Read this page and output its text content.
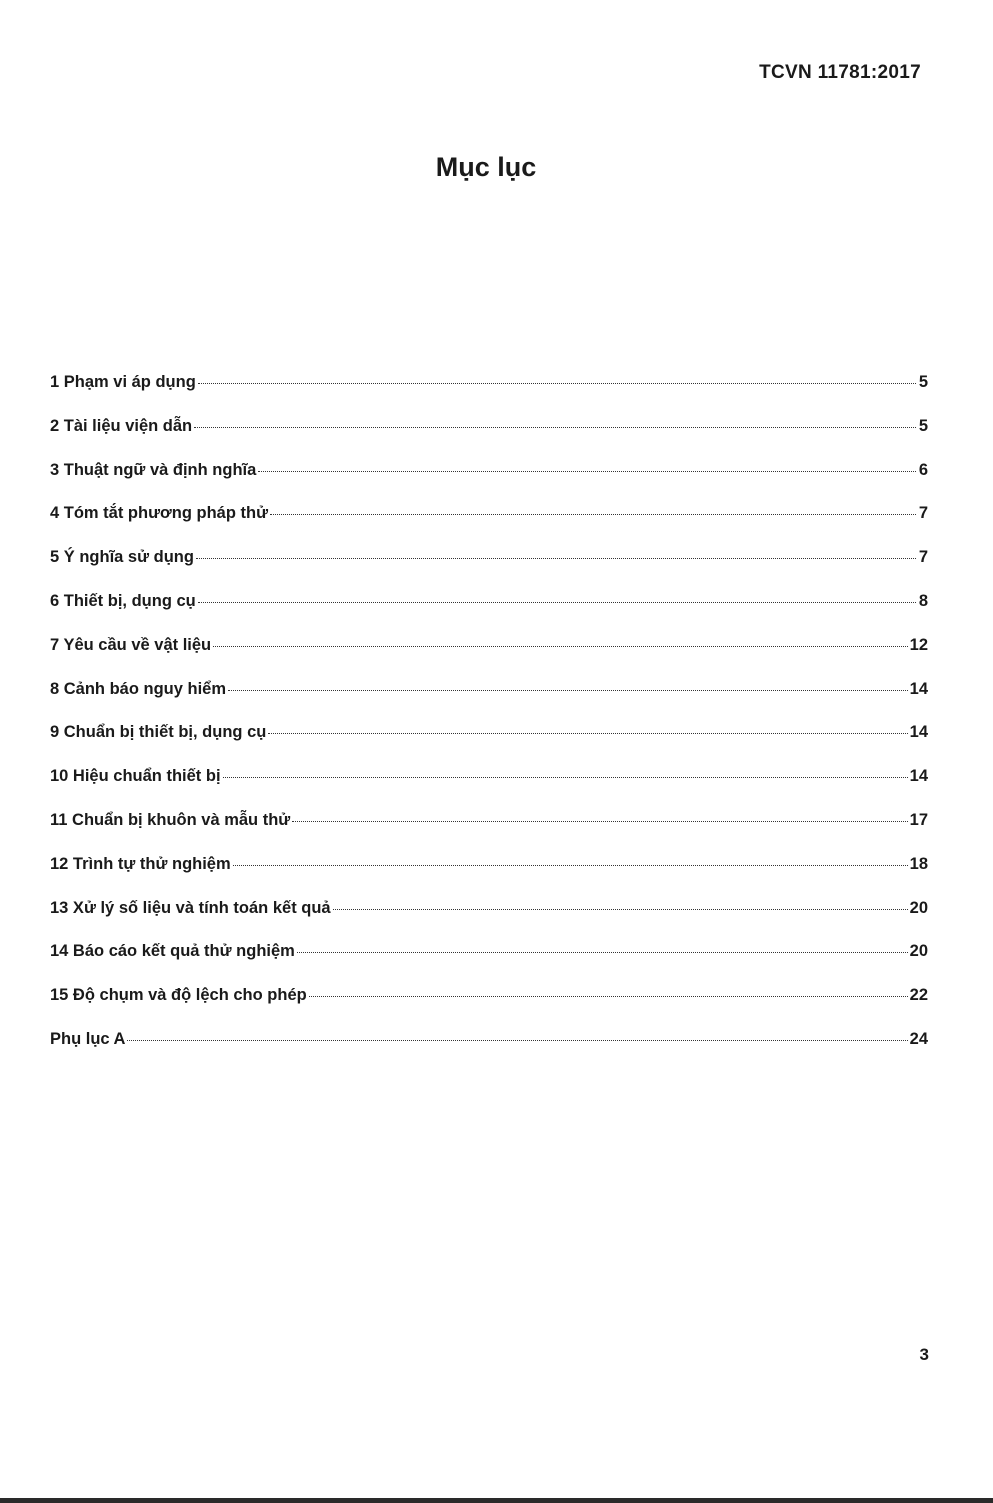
TCVN 11781:2017
Mục lục
1 Phạm vi áp dụng	5
2 Tài liệu viện dẫn	5
3 Thuật ngữ và định nghĩa	6
4 Tóm tắt phương pháp thử	7
5 Ý nghĩa sử dụng	7
6 Thiết bị, dụng cụ	8
7 Yêu cầu về vật liệu	12
8 Cảnh báo nguy hiểm	14
9 Chuẩn bị thiết bị, dụng cụ	14
10 Hiệu chuẩn thiết bị	14
11 Chuẩn bị khuôn và mẫu thử	17
12 Trình tự thử nghiệm	18
13 Xử lý số liệu và tính toán kết quả	20
14 Báo cáo kết quả thử nghiệm	20
15 Độ chụm và độ lệch cho phép	22
Phụ lục A	24
3
